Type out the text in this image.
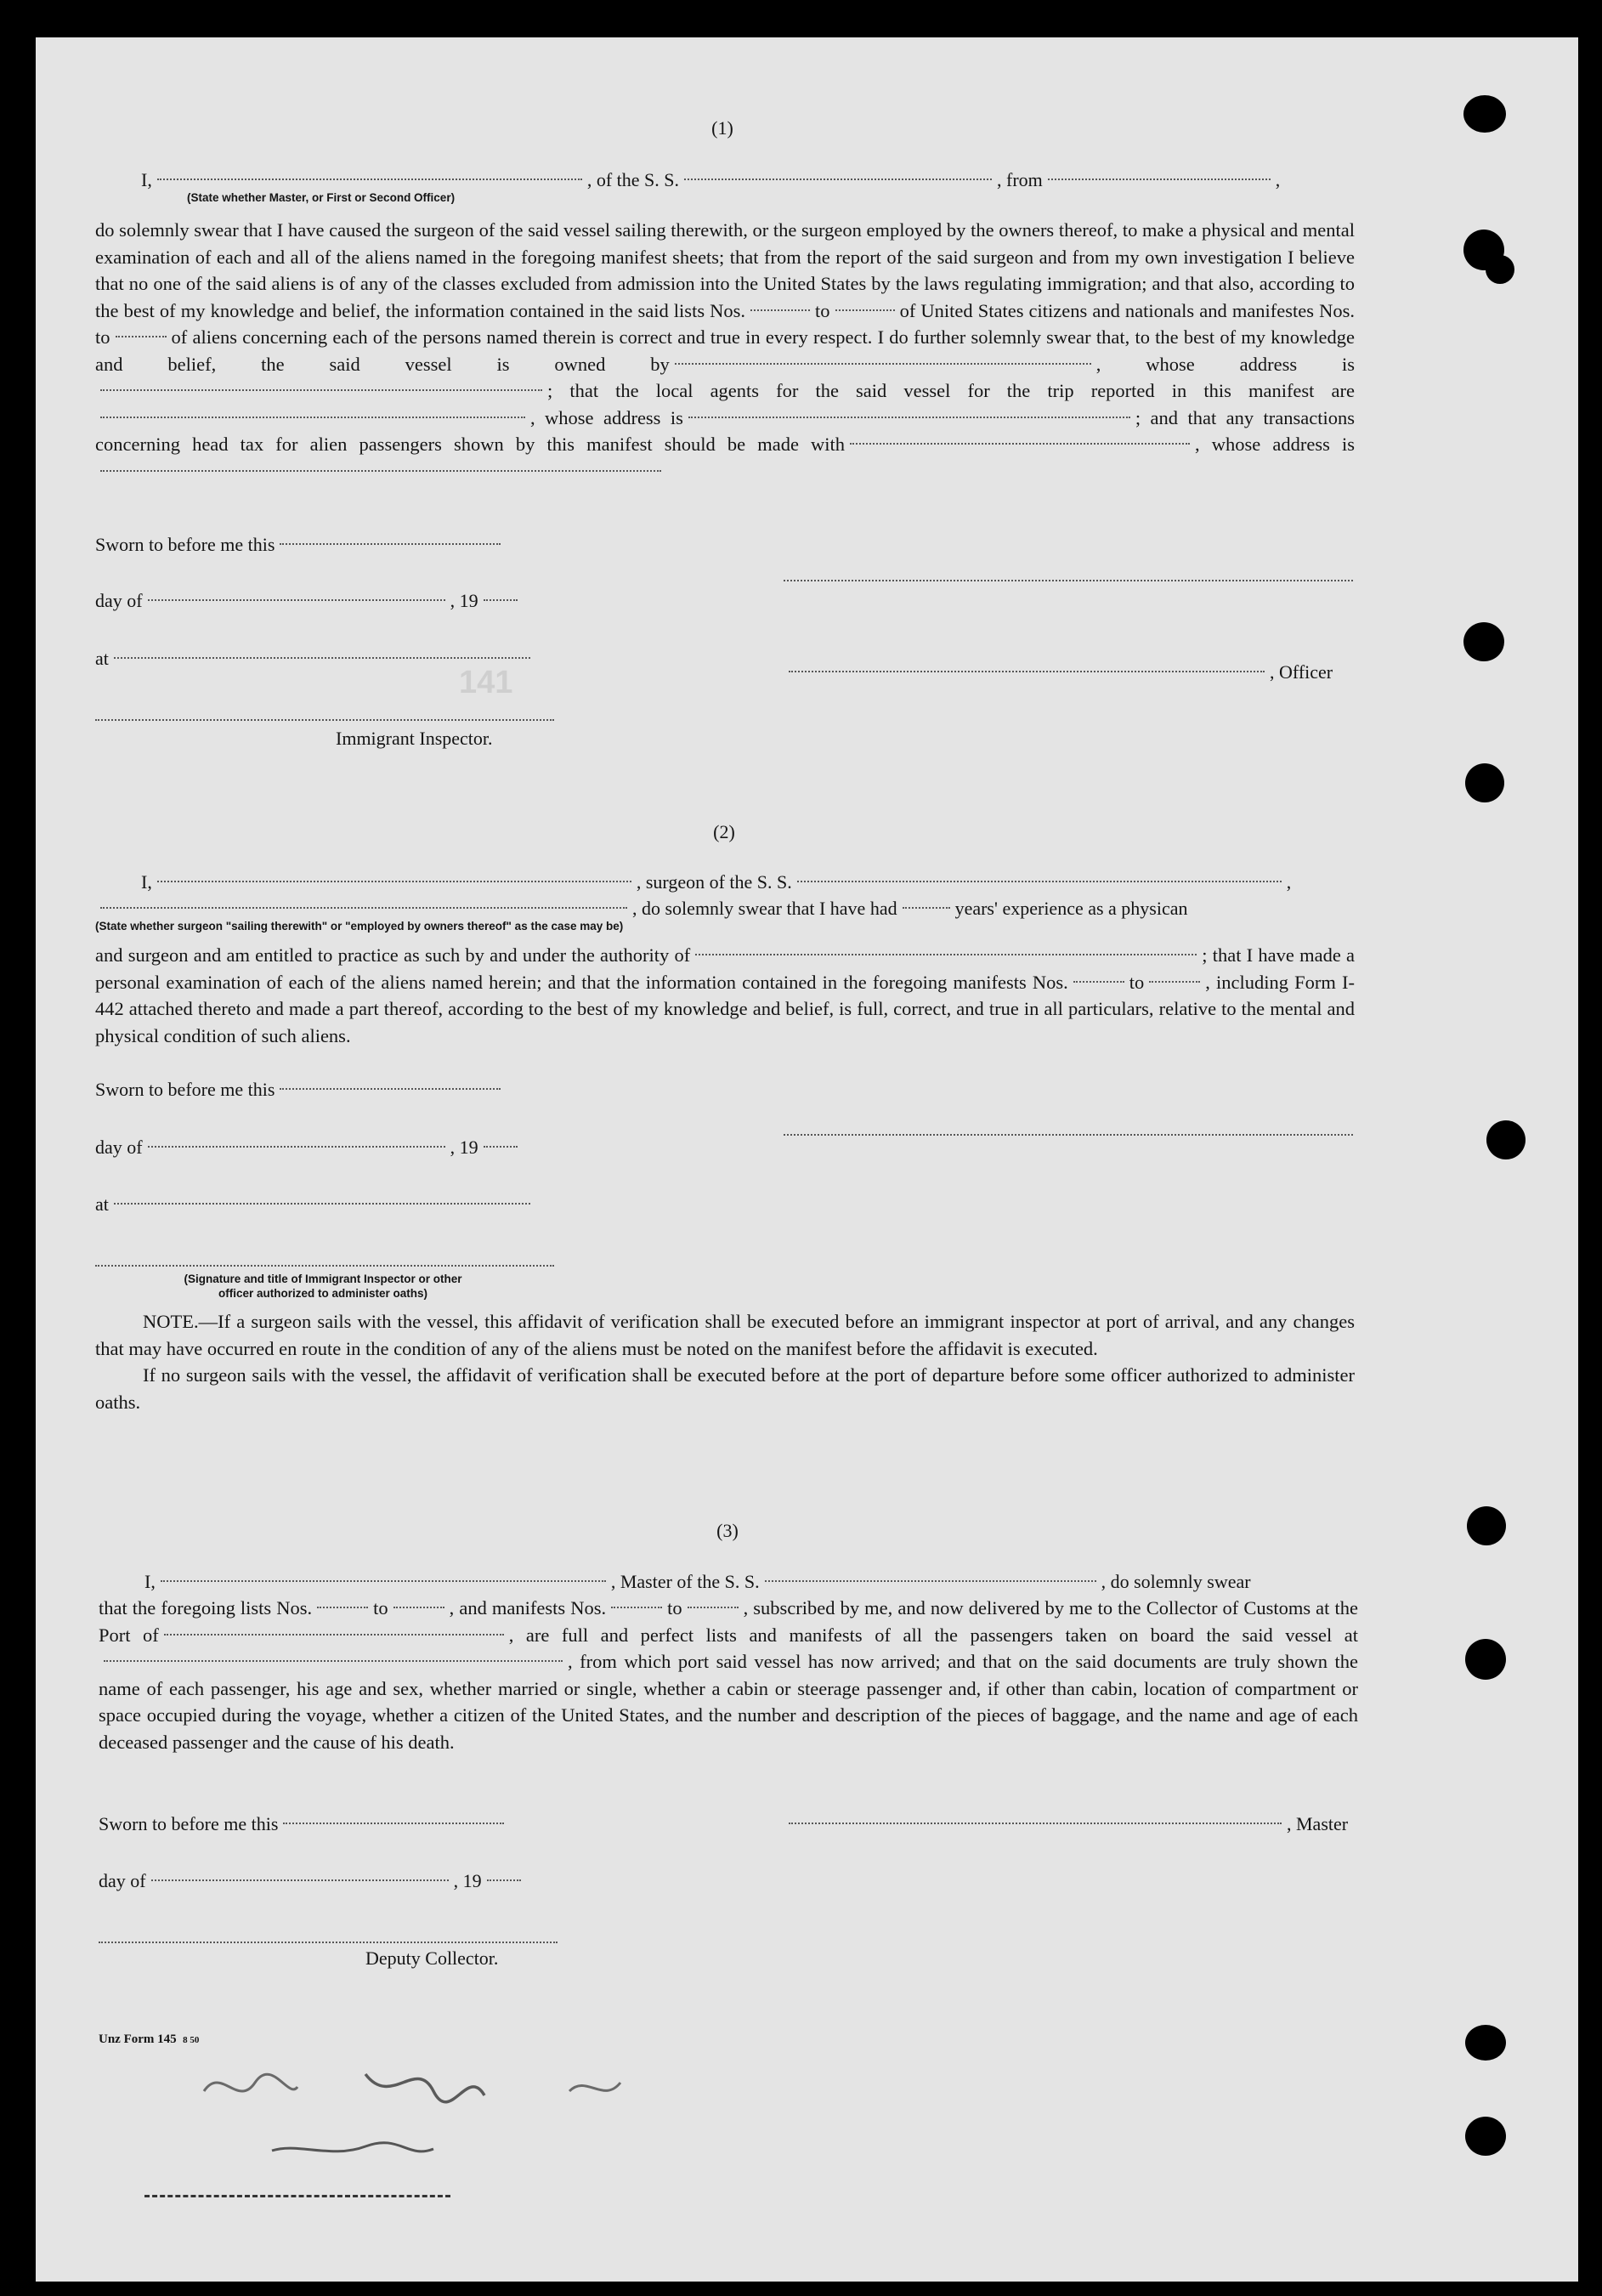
(1)
I,	, of the S. S.	, from	,
(State whether Master, or First or Second Officer)

do solemnly swear that I have caused the surgeon of the said vessel sailing therewith, or the surgeon employed by the owners thereof, to make a physical and mental examination of each and all of the aliens named in the foregoing manifest sheets; that from the report of the said surgeon and from my own investigation I believe that no one of the said aliens is of any of the classes excluded from admission into the United States by the laws regulating immigration; and that also, according to the best of my knowledge and belief, the information contained in the said lists Nos.	to	of United States citizens and nationals and manifestes Nos. to	of aliens concerning each of the persons named therein is correct and true in every respect. I do further solemnly swear that, to the best of my knowledge and belief, the said vessel is owned by	, whose address is ; that the local agents for the said vessel for the trip reported in this manifest are , whose address is	; and that any transactions concerning head tax for alien passengers shown by this manifest should be made with	, whose address is

Sworn to before me this
day of	, 19
at
, Officer
141
Immigrant Inspector.
(2)
I,	, surgeon of the S. S.	,
, do solemnly swear that I have had	years' experience as a physican
(State whether surgeon "sailing therewith" or "employed by owners thereof" as the case may be)

and surgeon and am entitled to practice as such by and under the authority of	; that I have made a personal examination of each of the aliens named herein; and that the information contained in the foregoing manifests Nos.	to	, including Form I-442 attached thereto and made a part thereof, according to the best of my knowledge and belief, is full, correct, and true in all particulars, relative to the mental and physical condition of such aliens.

Sworn to before me this
day of	, 19
at
(Signature and title of Immigrant Inspector or other
officer authorized to administer oaths)

NOTE.—If a surgeon sails with the vessel, this affidavit of verification shall be executed before an immigrant inspector at port of arrival, and any changes that may have occurred en route in the condition of any of the aliens must be noted on the manifest before the affidavit is executed.

If no surgeon sails with the vessel, the affidavit of verification shall be executed before at the port of departure before some officer authorized to administer oaths.

(3)
I,	, Master of the S. S.	, do solemnly swear

that the foregoing lists Nos.	to	, and manifests Nos.	to	, subscribed by me, and now delivered by me to the Collector of Customs at the Port of	, are full and perfect lists and manifests of all the passengers taken on board the said vessel at, from which port said vessel has now arrived; and that on the said documents are truly shown the name of each passenger, his age and sex, whether married or single, whether a cabin or steerage passenger and, if other than cabin, location of compartment or space occupied during the voyage, whether a citizen of the United States, and the number and description of the pieces of baggage, and the name and age of each deceased passenger and the cause of his death.

Sworn to before me this	, Master
day of	, 19
Deputy Collector.
Unz Form 145 8 50
